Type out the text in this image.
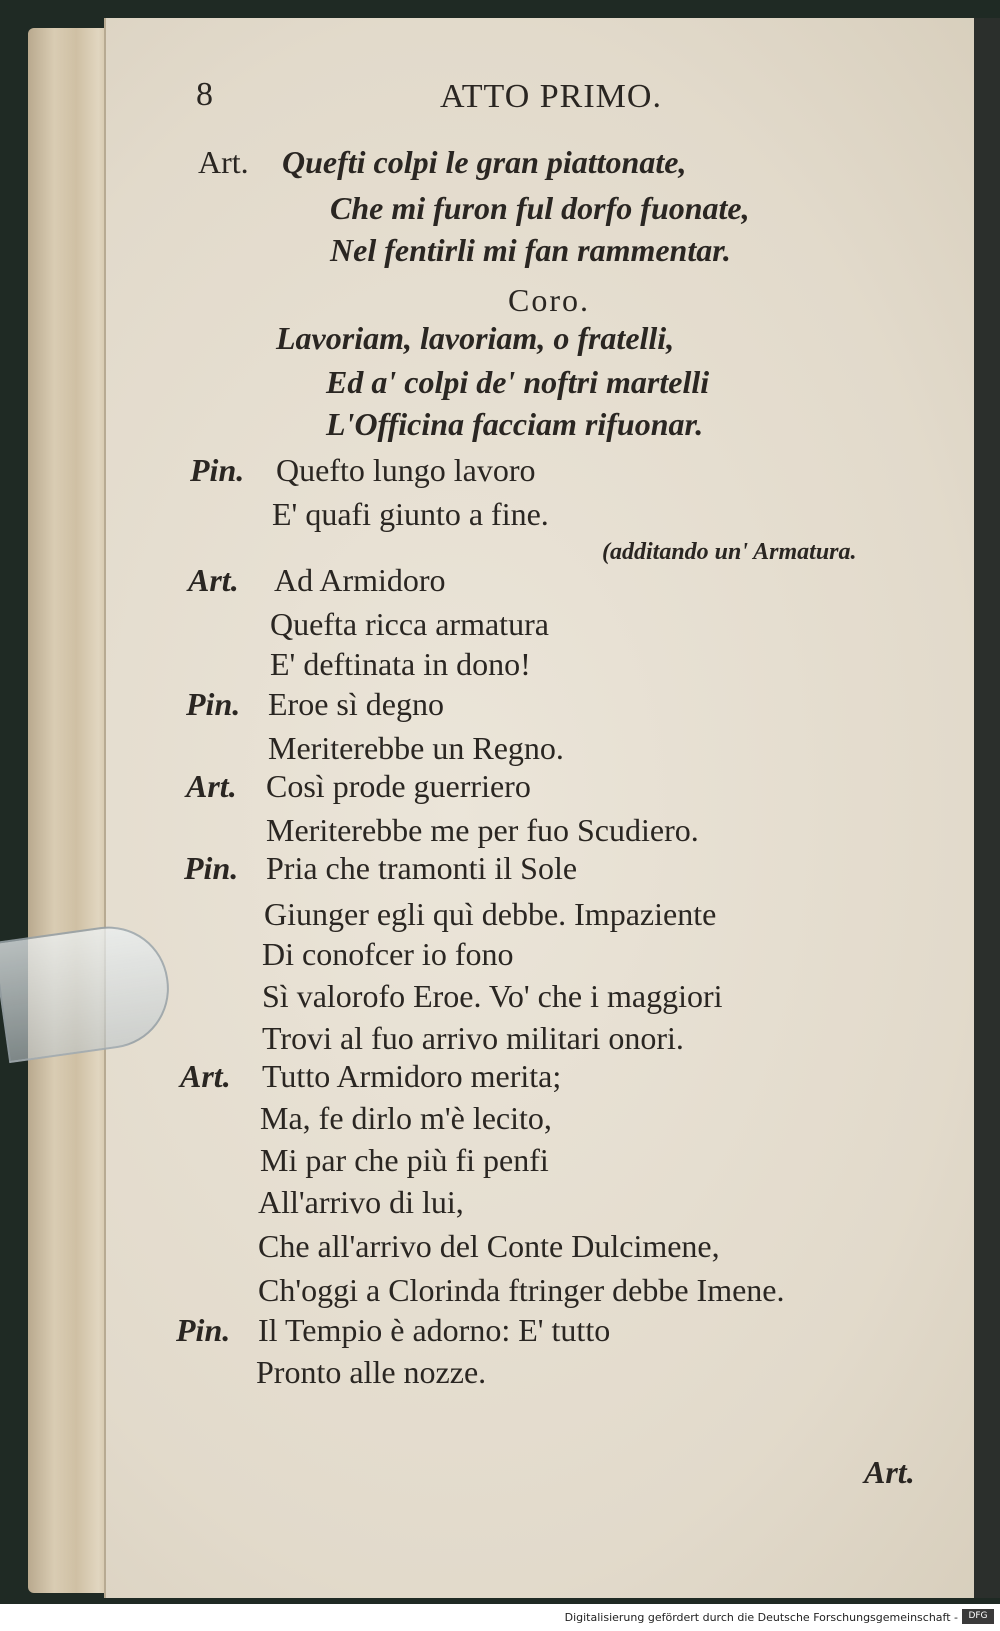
8	ATTO PRIMO.
Art. Quefti colpi le gran piattonate,
Che mi furon ful dorfo fuonate,
Nel fentirli mi fan rammentar.
Coro.
Lavoriam, lavoriam, o fratelli,
Ed a' colpi de' noftri martelli
L'Officina facciam rifuonar.
Pin. Quefto lungo lavoro
E' quafi giunto a fine.
(additando un' Armatura.
Art. Ad Armidoro
Quefta ricca armatura
E' deftinata in dono!
Pin. Eroe sì degno
Meriterebbe un Regno.
Art. Così prode guerriero
Meriterebbe me per fuo Scudiero.
Pin. Pria che tramonti il Sole
Giunger egli quì debbe. Impaziente
Di conofcer io fono
Sì valorofo Eroe. Vo' che i maggiori
Trovi al fuo arrivo militari onori.
Art. Tutto Armidoro merita;
Ma, fe dirlo m'è lecito,
Mi par che più fi penfi
All'arrivo di lui,
Che all'arrivo del Conte Dulcimene,
Ch'oggi a Clorinda ftringer debbe Imene.
Pin. Il Tempio è adorno: E' tutto
Pronto alle nozze.
Art.
Digitalisierung gefördert durch die Deutsche Forschungsgemeinschaft -	DFG
